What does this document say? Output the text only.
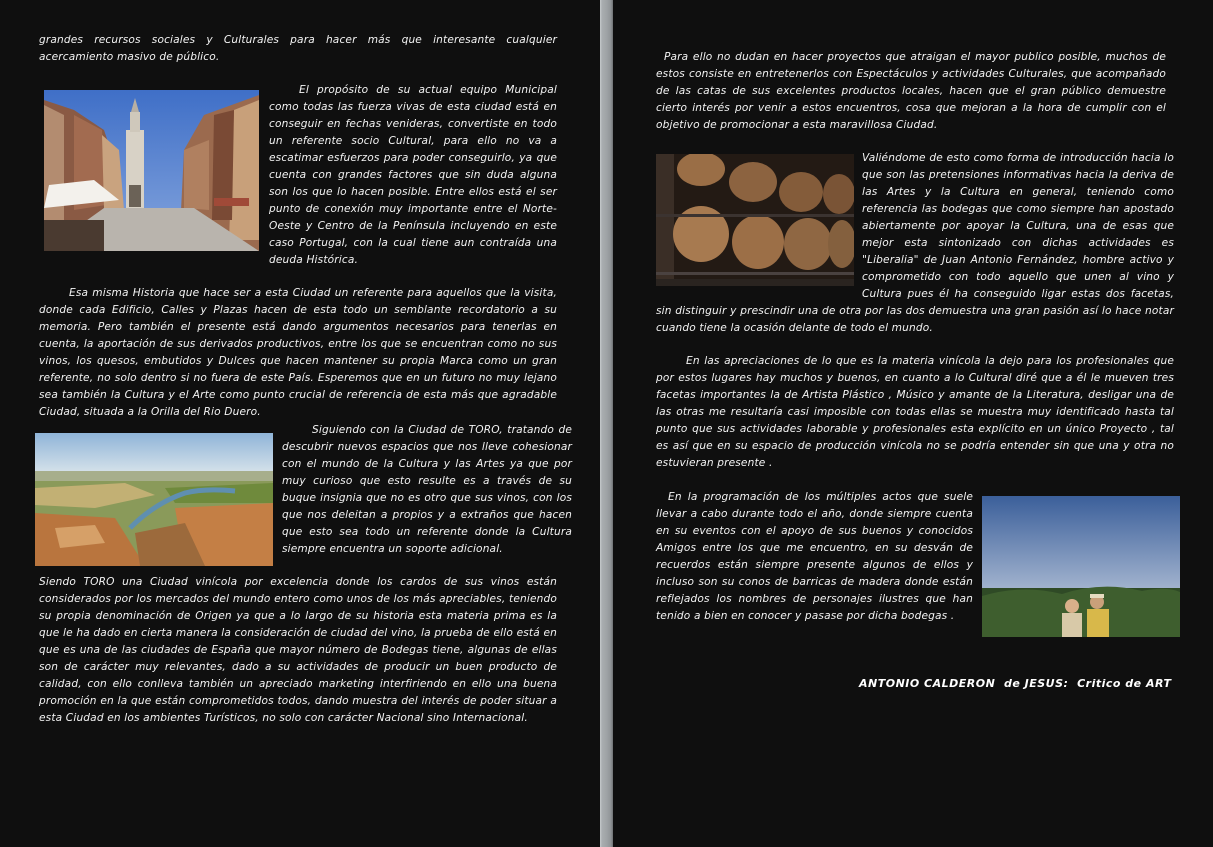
grandes recursos sociales y Culturales para hacer más que interesante cualquier acercamiento masivo de público.

El propósito de su actual equipo Municipal como todas las fuerza vivas de esta ciudad está en conseguir en fechas venideras, convertiste en todo un referente socio Cultural, para ello no va a escatimar esfuerzos para poder conseguirlo, ya que cuenta con grandes factores que sin duda alguna son los que lo hacen posible. Entre ellos está el ser punto de conexión muy importante entre el Norte- Oeste y Centro de la Península incluyendo en este caso Portugal, con la cual tiene aun contraída una deuda Histórica.

Esa misma Historia que hace ser a esta Ciudad un referente para aquellos que la visita, donde cada Edificio, Calles y Plazas hacen de esta todo un semblante recordatorio a su memoria. Pero también el presente está dando argumentos necesarios para tenerlas en cuenta, la aportación de sus derivados productivos, entre los que se encuentran como no sus vinos, los quesos, embutidos y Dulces que hacen mantener su propia Marca como un gran referente, no solo dentro si no fuera de este País. Esperemos que en un futuro no muy lejano sea también la Cultura y el Arte como punto crucial de referencia de esta más que agradable Ciudad, situada a la Orilla del Rio Duero.

Siguiendo con la Ciudad de TORO, tratando de descubrir nuevos espacios que nos lleve cohesionar con el mundo de la Cultura y las Artes ya que por muy curioso que esto resulte es a través de su buque insignia que no es otro que sus vinos, con los que nos deleitan a propios y a extraños que hacen que esto sea todo un referente donde la Cultura siempre encuentra un soporte adicional.

Siendo TORO una Ciudad vinícola por excelencia donde los cardos de sus vinos están considerados por los mercados del mundo entero como unos de los más apreciables, teniendo su propia denominación de Origen ya que a lo largo de su historia esta materia prima es la que le ha dado en cierta manera la consideración de ciudad del vino, la prueba de ello está en que es una de las ciudades de España que mayor número de Bodegas tiene, algunas de ellas son de carácter muy relevantes, dado a su actividades de producir un buen producto de calidad, con ello conlleva también un apreciado marketing interfiriendo en ello una buena promoción en la que están comprometidos todos, dando muestra del interés de poder situar a esta Ciudad en los ambientes Turísticos, no solo con carácter Nacional sino Internacional.

Para ello no dudan en hacer proyectos que atraigan el mayor publico posible, muchos de estos consiste en entretenerlos con Espectáculos y actividades Culturales, que acompañado de las catas de sus excelentes productos locales, hacen que el gran público demuestre cierto interés por venir a estos encuentros, cosa que mejoran a la hora de cumplir con el objetivo de promocionar a esta maravillosa Ciudad.

Valiéndome de esto como forma de introducción hacia lo que son las pretensiones informativas hacia la deriva de las Artes y la Cultura en general, teniendo como referencia las bodegas que como siempre han apostado abiertamente por apoyar la Cultura, una de esas que mejor esta sintonizado con dichas actividades es "Liberalia" de Juan Antonio Fernández, hombre activo y comprometido con todo aquello que unen al vino y Cultura pues él ha conseguido ligar estas dos facetas, sin distinguir y prescindir una de otra por las dos demuestra una gran pasión así lo hace notar cuando tiene la ocasión delante de todo el mundo.

En las apreciaciones de lo que es la materia vinícola la dejo para los profesionales que por estos lugares hay muchos y buenos, en cuanto a lo Cultural diré que a él le mueven tres facetas importantes la de Artista Plástico , Músico y amante de la Literatura, desligar una de las otras me resultaría casi imposible con todas ellas se muestra muy identificado hasta tal punto que sus actividades laborable y profesionales esta explícito en un único Proyecto , tal es así que en su espacio de producción vinícola no se podría entender sin que una y otra no estuvieran presente .

En la programación de los múltiples actos que suele llevar a cabo durante todo el año, donde siempre cuenta en su eventos con el apoyo de sus buenos y conocidos Amigos entre los que me encuentro, en su desván de recuerdos están siempre presente algunos de ellos y incluso son su conos de barricas de madera donde están reflejados los nombres de personajes ilustres que han tenido a bien en conocer y pasase por dicha bodegas .

ANTONIO CALDERON  de JESUS:  Critico de ART
